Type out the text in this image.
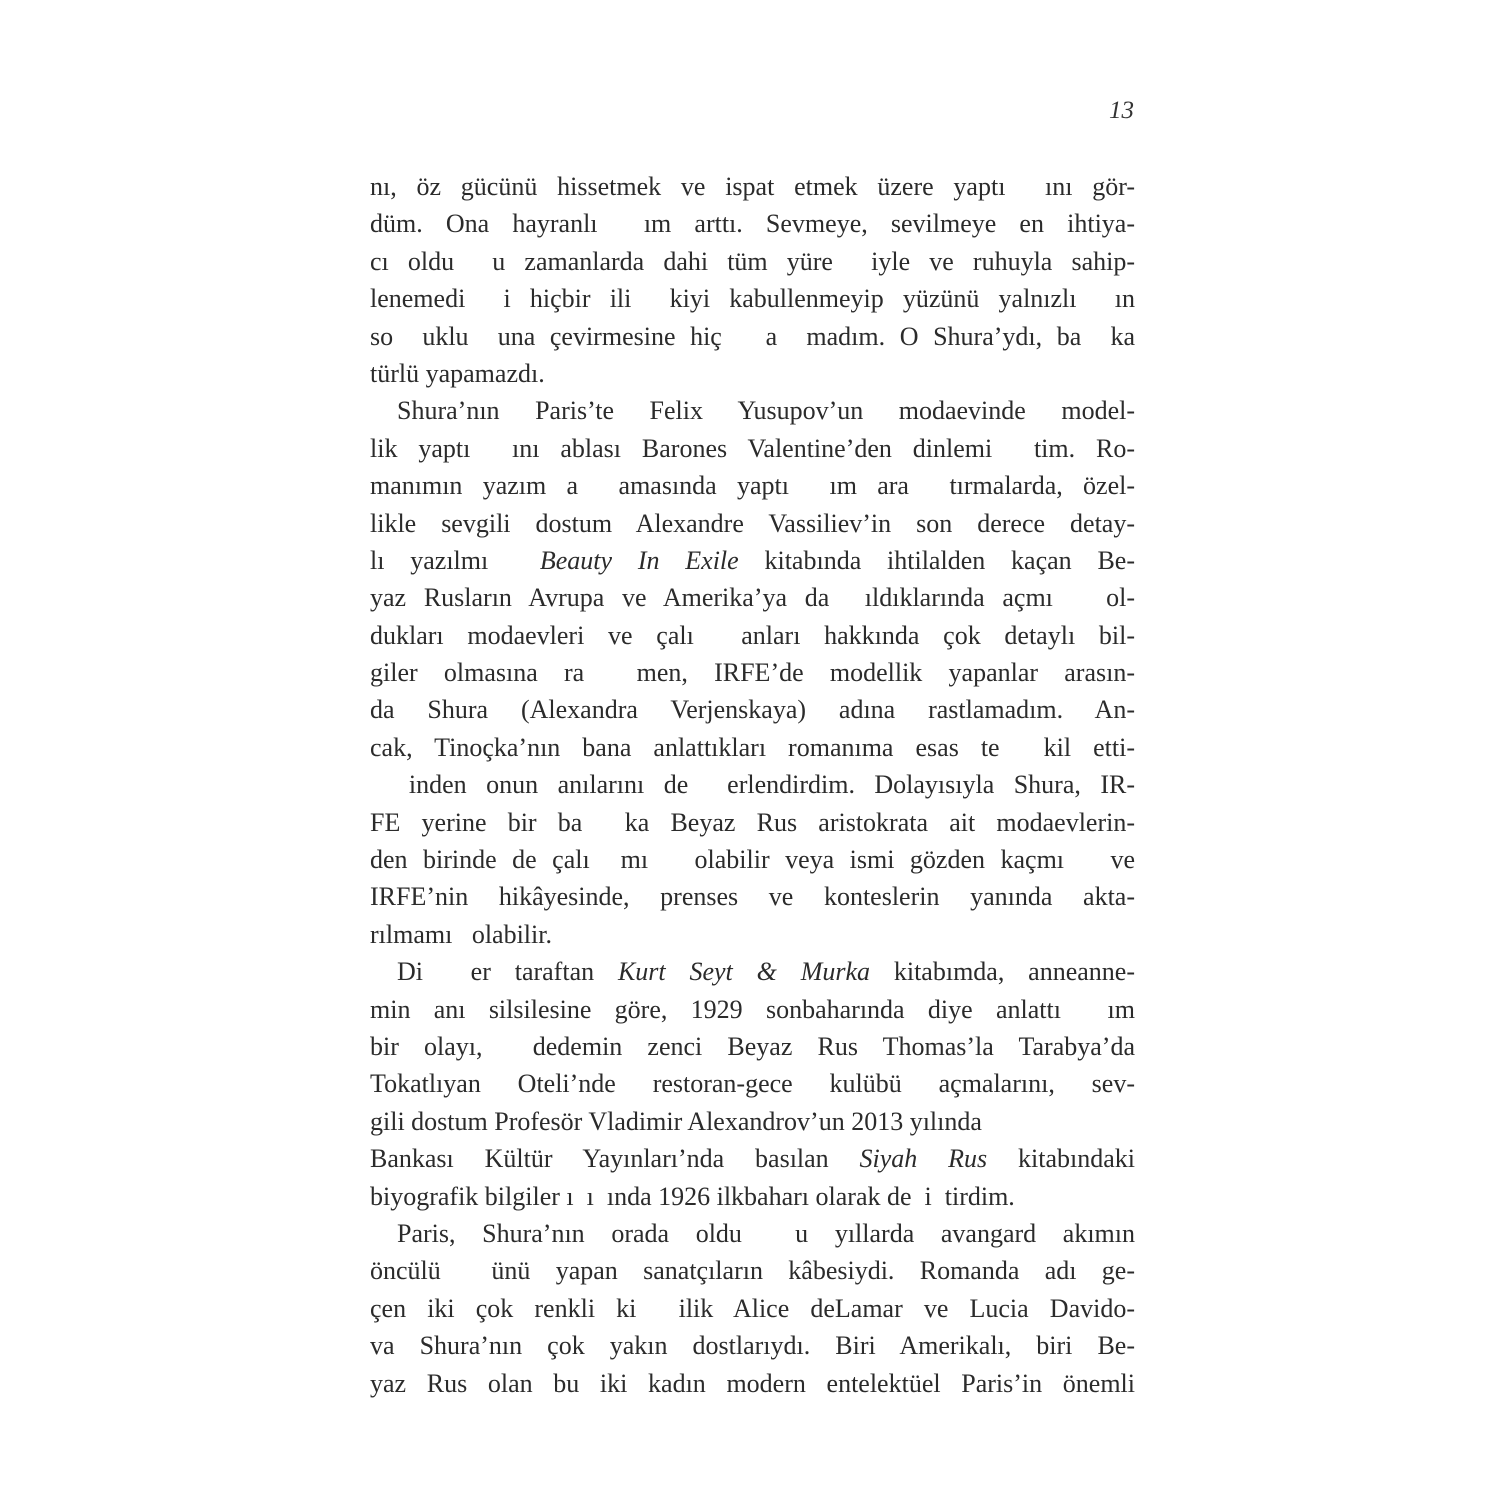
13
nı, öz gücünü hissetmek ve ispat etmek üzere yaptı  ını gör-
düm. Ona hayranlı  ım arttı. Sevmeye, sevilmeye en ihtiya-
cı oldu  u zamanlarda dahi tüm yüre  iyle ve ruhuyla sahip-
lenemedi  i hiçbir ili  kiyi kabullenmeyip yüzünü yalnızlı  ın
so  uklu  una çevirmesine hiç   a  madım. O Shura’ydı, ba  ka
türlü yapamazdı.
Shura’nın Paris’te Felix Yusupov’un modaevinde model-
lik yaptı  ını ablası Barones Valentine’den dinlemi  tim. Ro-
manımın yazım a  amasında yaptı  ım ara  tırmalarda, özel-
likle sevgili dostum Alexandre Vassiliev’in son derece detay-
lı yazılmı  Beauty In Exile kitabında ihtilalden kaçan Be-
yaz Rusların Avrupa ve Amerika’ya da  ıldıklarında açmı   ol-
dukları modaevleri ve çalı  anları hakkında çok detaylı bil-
giler olmasına ra  men, IRFE’de modellik yapanlar arasın-
da Shura (Alexandra Verjenskaya) adına rastlamadım. An-
cak, Tinoçka’nın bana anlattıkları romanıma esas te  kil etti-
inden onun anılarını de  erlendirdim. Dolayısıyla Shura, IR-
FE yerine bir ba  ka Beyaz Rus aristokrata ait modaevlerin-
den birinde de çalı  mı   olabilir veya ismi gözden kaçmı   ve
IRFE’nin hikâyesinde, prenses ve konteslerin yanında akta-
rılmamı   olabilir.
Di  er taraftan Kurt Seyt & Murka kitabımda, anneanne-
min anı silsilesine göre, 1929 sonbaharında diye anlattı  ım
bir olayı,  dedemin zenci Beyaz Rus Thomas’la Tarabya’da
Tokatlıyan Oteli’nde restoran-gece kulübü açmalarını, sev-
gili dostum Profesör Vladimir Alexandrov’un 2013 yılında
Bankası Kültür Yayınları’nda basılan Siyah Rus kitabındaki
biyografik bilgiler ı  ı  ında 1926 ilkbaharı olarak de  i  tirdim.
Paris, Shura’nın orada oldu  u yıllarda avangard akımın
öncülü  ünü yapan sanatçıların kâbesiydi. Romanda adı ge-
çen iki çok renkli ki  ilik Alice deLamar ve Lucia Davido-
va Shura’nın çok yakın dostlarıydı. Biri Amerikalı, biri Be-
yaz Rus olan bu iki kadın modern entelektüel Paris’in önemli
